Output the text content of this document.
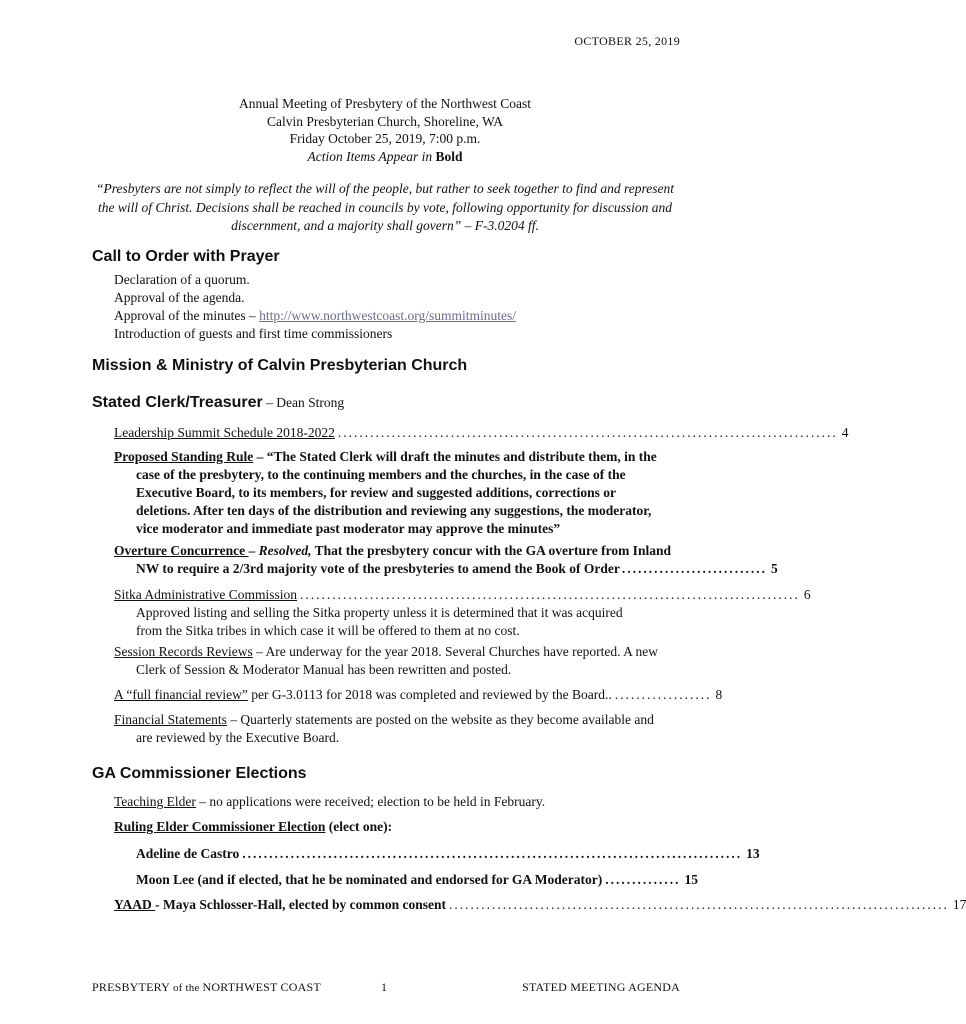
OCTOBER 25, 2019
Annual Meeting of Presbytery of the Northwest Coast
Calvin Presbyterian Church, Shoreline, WA
Friday October 25, 2019, 7:00 p.m.
Action Items Appear in Bold
“Presbyters are not simply to reflect the will of the people, but rather to seek together to find and represent the will of Christ. Decisions shall be reached in councils by vote, following opportunity for discussion and discernment, and a majority shall govern” – F-3.0204 ff.
Call to Order with Prayer
Declaration of a quorum.
Approval of the agenda.
Approval of the minutes – http://www.northwestcoast.org/summitminutes/
Introduction of guests and first time commissioners
Mission & Ministry of Calvin Presbyterian Church
Stated Clerk/Treasurer – Dean Strong
Leadership Summit Schedule 2018-2022 ............................................................................................. 4
Proposed Standing Rule – “The Stated Clerk will draft the minutes and distribute them, in the
case of the presbytery, to the continuing members and the churches, in the case of the
Executive Board, to its members, for review and suggested additions, corrections or
deletions. After ten days of the distribution and reviewing any suggestions, the moderator,
vice moderator and immediate past moderator may approve the minutes”
Overture Concurrence – Resolved, That the presbytery concur with the GA overture from Inland
NW to require a 2/3rd majority vote of the presbyteries to amend the Book of Order ........................... 5
Sitka Administrative Commission ............................................................................................. 6
Approved listing and selling the Sitka property unless it is determined that it was acquired
from the Sitka tribes in which case it will be offered to them at no cost.
Session Records Reviews – Are underway for the year 2018. Several Churches have reported. A new
Clerk of Session & Moderator Manual has been rewritten and posted.
A “full financial review” per G-3.0113 for 2018 was completed and reviewed by the Board.. .................. 8
Financial Statements – Quarterly statements are posted on the website as they become available and
are reviewed by the Executive Board.
GA Commissioner Elections
Teaching Elder – no applications were received; election to be held in February.
Ruling Elder Commissioner Election (elect one):
Adeline de Castro ............................................................................................. 13
Moon Lee (and if elected, that he be nominated and endorsed for GA Moderator) .............. 15
YAAD - Maya Schlosser-Hall, elected by common consent ............................................................................................. 17
PRESBYTERY of the NORTHWEST COAST	1	STATED MEETING AGENDA
